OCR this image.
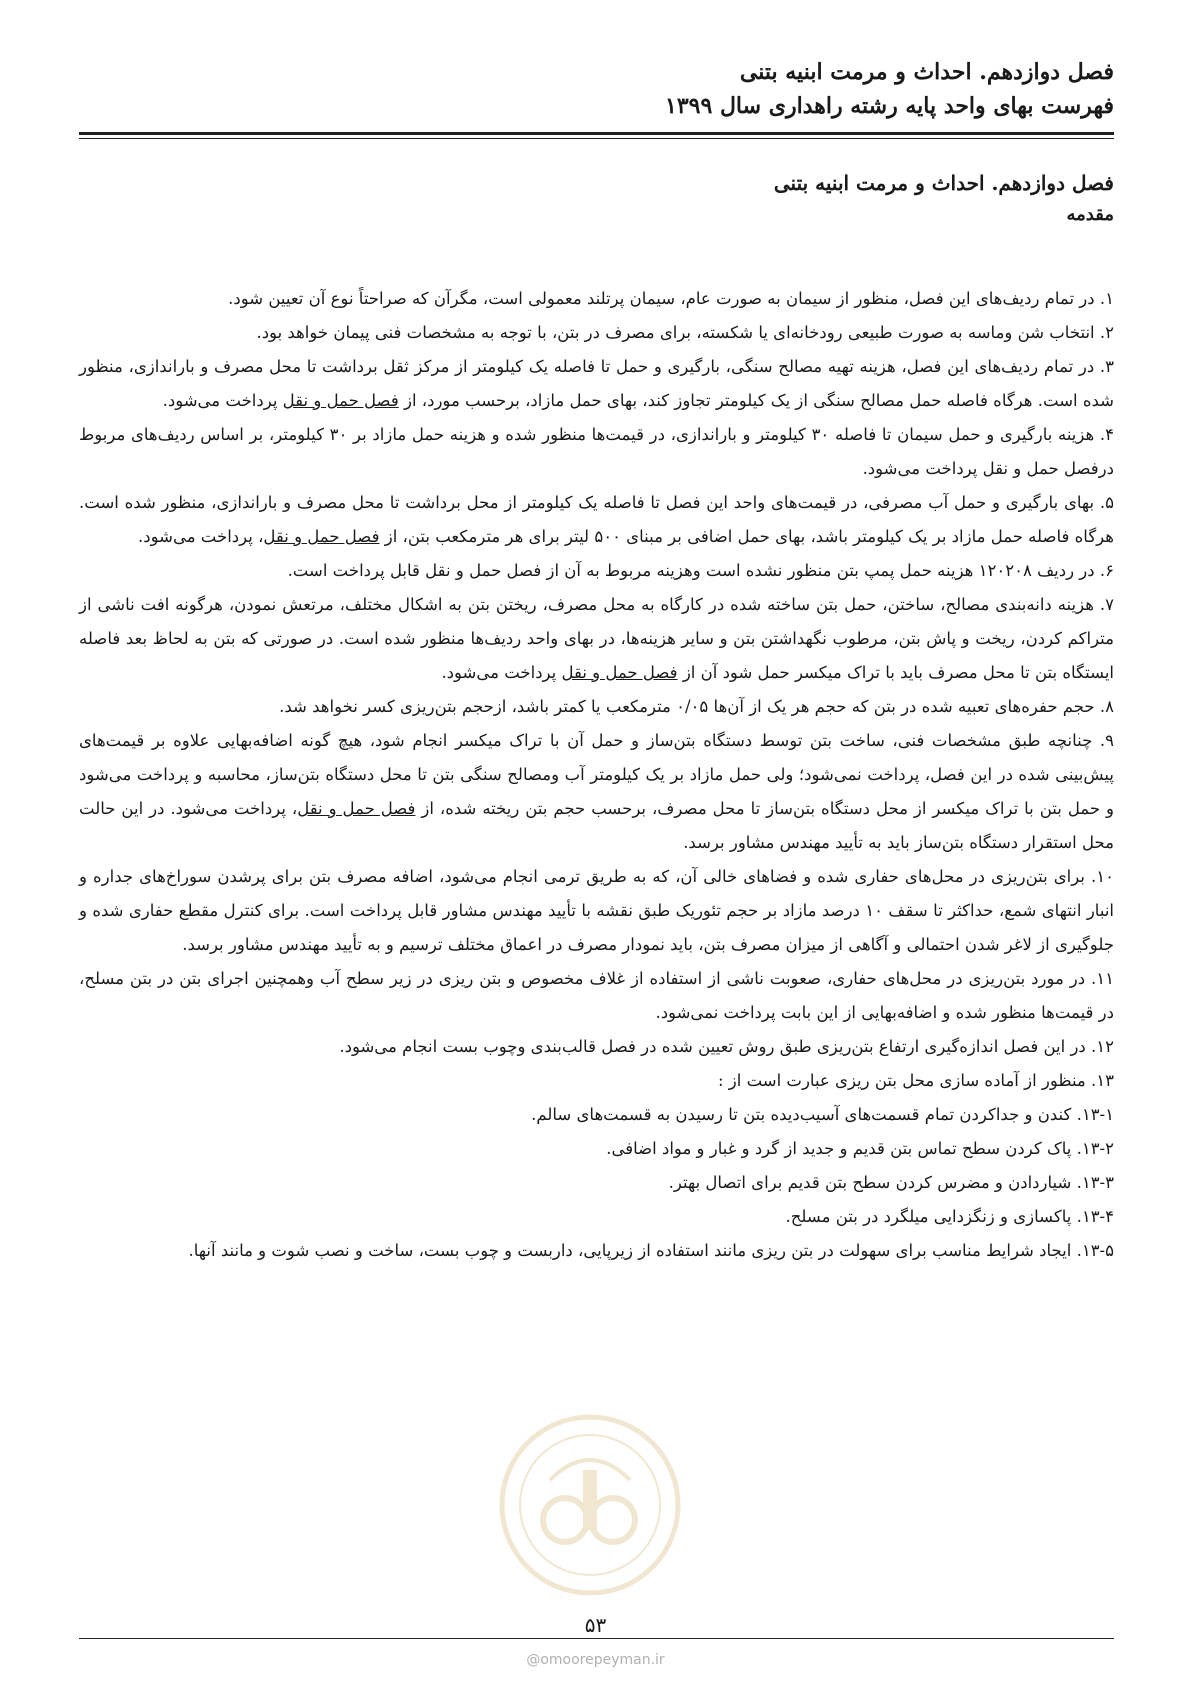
فصل دوازدهم. احداث و مرمت ابنیه بتنی
فهرست بهای واحد پایه رشته راهداری سال ۱۳۹۹
فصل دوازدهم. احداث و مرمت ابنیه بتنی
مقدمه

۱. در تمام ردیف‌های این فصل، منظور از سیمان به صورت عام، سیمان پرتلند معمولی است، مگرآن که صراحتاً نوع آن تعیین شود.

۲. انتخاب شن وماسه به صورت طبیعی رودخانه‌ای یا شکسته، برای مصرف در بتن، با توجه به مشخصات فنی پیمان خواهد بود.

۳. در تمام ردیف‌های این فصل، هزینه تهیه مصالح سنگی، بارگیری و حمل تا فاصله یک کیلومتر از مرکز ثقل برداشت تا محل مصرف و باراندازی، منظور شده است. هرگاه فاصله حمل مصالح سنگی از یک کیلومتر تجاوز کند، بهای حمل مازاد، برحسب مورد، از فصل حمل و نقل پرداخت می‌شود.

۴. هزینه بارگیری و حمل سیمان تا فاصله ۳۰ کیلومتر و باراندازی، در قیمت‌ها منظور شده و هزینه حمل مازاد بر ۳۰ کیلومتر، بر اساس ردیف‌های مربوط درفصل حمل و نقل پرداخت می‌شود.

۵. بهای بارگیری و حمل آب مصرفی، در قیمت‌های واحد این فصل تا فاصله یک کیلومتر از محل برداشت تا محل مصرف و باراندازی، منظور شده است. هرگاه فاصله حمل مازاد بر یک کیلومتر باشد، بهای حمل اضافی بر مبنای ۵۰۰ لیتر برای هر مترمکعب بتن، از فصل حمل و نقل، پرداخت می‌شود.

۶. در ردیف ۱۲۰۲۰۸ هزینه حمل پمپ بتن منظور نشده است وهزینه مربوط به آن از فصل حمل و نقل قابل پرداخت است.

۷. هزینه دانه‌بندی مصالح، ساختن، حمل بتن ساخته شده در کارگاه به محل مصرف، ریختن بتن به اشکال مختلف، مرتعش نمودن، هرگونه افت ناشی از متراکم کردن، ریخت و پاش بتن، مرطوب نگهداشتن بتن و سایر هزینه‌ها، در بهای واحد ردیف‌ها منظور شده است. در صورتی که بتن به لحاظ بعد فاصله ایستگاه بتن تا محل مصرف باید با تراک میکسر حمل شود آن از فصل حمل و نقل پرداخت می‌شود.

۸. حجم حفره‌های تعبیه شده در بتن که حجم هر یک از آن‌ها ۰/۰۵ مترمکعب یا کمتر باشد، ازحجم بتن‌ریزی کسر نخواهد شد.

۹. چنانچه طبق مشخصات فنی، ساخت بتن توسط دستگاه بتن‌ساز و حمل آن با تراک میکسر انجام شود، هیچ گونه اضافه‌بهایی علاوه بر قیمت‌های پیش‌بینی شده در این فصل، پرداخت نمی‌شود؛ ولی حمل مازاد بر یک کیلومتر آب ومصالح سنگی بتن تا محل دستگاه بتن‌ساز، محاسبه و پرداخت می‌شود و حمل بتن با تراک میکسر از محل دستگاه بتن‌ساز تا محل مصرف، برحسب حجم بتن ریخته شده، از فصل حمل و نقل، پرداخت می‌شود. در این حالت محل استقرار دستگاه بتن‌ساز باید به تأیید مهندس مشاور برسد.

۱۰. برای بتن‌ریزی در محل‌های حفاری شده و فضاهای خالی آن، که به طریق ترمی انجام می‌شود، اضافه مصرف بتن برای پرشدن سوراخ‌های جداره و انبار انتهای شمع، حداکثر تا سقف ۱۰ درصد مازاد بر حجم تئوریک طبق نقشه با تأیید مهندس مشاور قابل پرداخت است. برای کنترل مقطع حفاری شده و جلوگیری از لاغر شدن احتمالی و آگاهی از میزان مصرف بتن، باید نمودار مصرف در اعماق مختلف ترسیم و به تأیید مهندس مشاور برسد.

۱۱. در مورد بتن‌ریزی در محل‌های حفاری، صعوبت ناشی از استفاده از غلاف مخصوص و بتن ریزی در زیر سطح آب وهمچنین اجرای بتن در بتن مسلح، در قیمت‌ها منظور شده و اضافه‌بهایی از این بابت پرداخت نمی‌شود.

۱۲. در این فصل اندازه‌گیری ارتفاع بتن‌ریزی طبق روش تعیین شده در فصل قالب‌بندی وچوب بست انجام می‌شود.

۱۳. منظور از آماده سازی محل بتن ریزی عبارت است از :

۱۳-۱. کندن و جداکردن تمام قسمت‌های آسیب‌دیده بتن تا رسیدن به قسمت‌های سالم.

۱۳-۲. پاک کردن سطح تماس بتن قدیم و جدید از گرد و غبار و مواد اضافی.

۱۳-۳. شیاردادن و مضرس کردن سطح بتن قدیم برای اتصال بهتر.

۱۳-۴. پاکسازی و زنگزدایی میلگرد در بتن مسلح.

۱۳-۵. ایجاد شرایط مناسب برای سهولت در بتن ریزی مانند استفاده از زیرپایی، داربست و چوب بست، ساخت و نصب شوت و مانند آنها.

۵۳
@omoorepeyman.ir
